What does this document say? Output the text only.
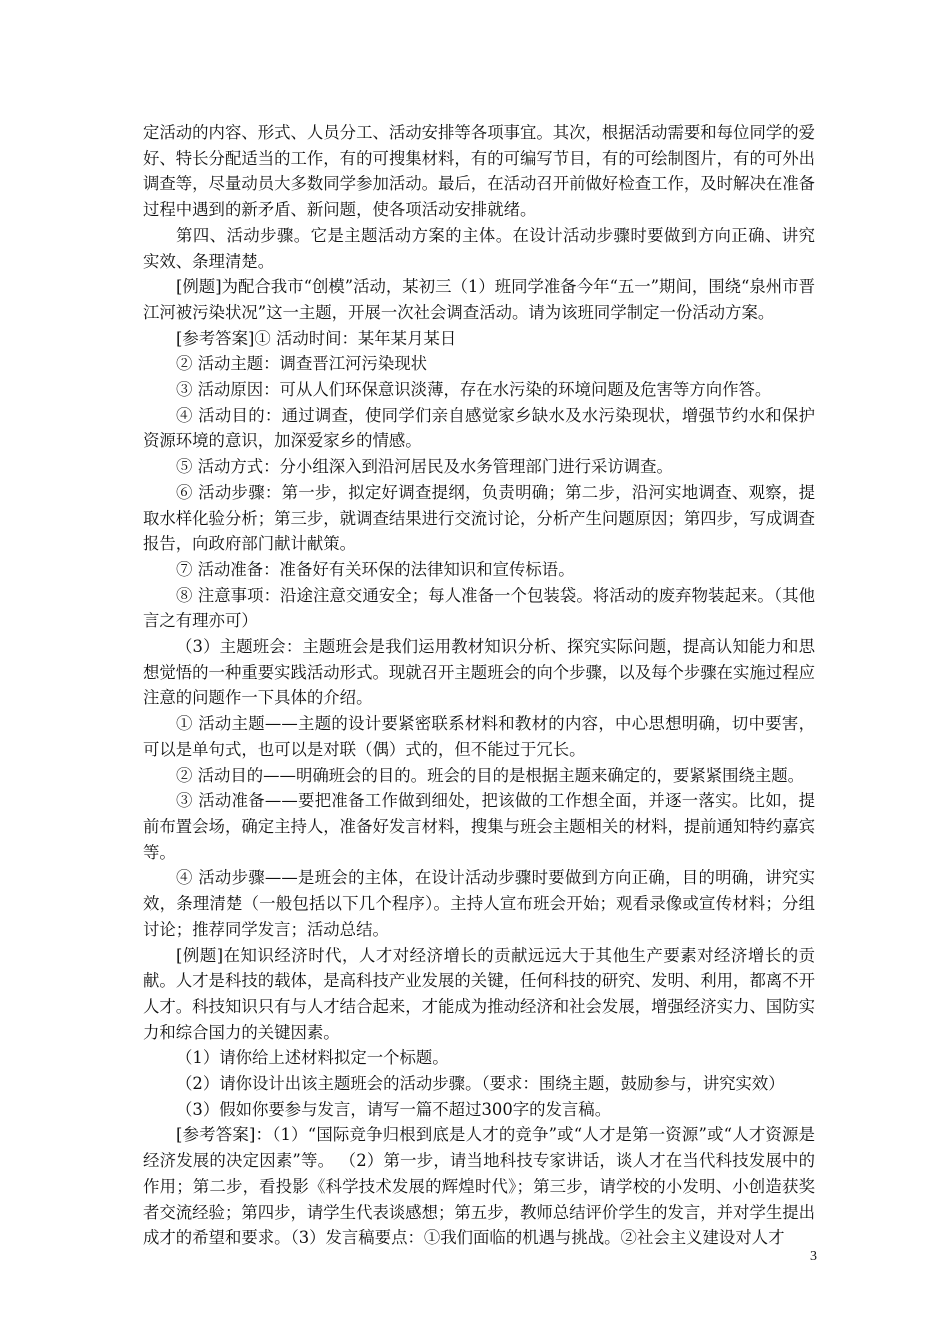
定活动的内容、形式、人员分工、活动安排等各项事宜。其次，根据活动需要和每位同学的爱好、特长分配适当的工作，有的可搜集材料，有的可编写节目，有的可绘制图片，有的可外出调查等，尽量动员大多数同学参加活动。最后，在活动召开前做好检查工作，及时解决在准备过程中遇到的新矛盾、新问题，使各项活动安排就绪。

第四、活动步骤。它是主题活动方案的主体。在设计活动步骤时要做到方向正确、讲究实效、条理清楚。

[例题]为配合我市“创模”活动，某初三（1）班同学准备今年“五一”期间，围绕“泉州市晋江河被污染状况”这一主题，开展一次社会调查活动。请为该班同学制定一份活动方案。

[参考答案]① 活动时间：某年某月某日

② 活动主题：调查晋江河污染现状

③ 活动原因：可从人们环保意识淡薄，存在水污染的环境问题及危害等方向作答。

④ 活动目的：通过调查，使同学们亲自感觉家乡缺水及水污染现状，增强节约水和保护资源环境的意识，加深爱家乡的情感。

⑤ 活动方式：分小组深入到沿河居民及水务管理部门进行采访调查。

⑥ 活动步骤：第一步，拟定好调查提纲，负责明确；第二步，沿河实地调查、观察，提取水样化验分析；第三步，就调查结果进行交流讨论，分析产生问题原因；第四步，写成调查报告，向政府部门献计献策。

⑦ 活动准备：准备好有关环保的法律知识和宣传标语。

⑧ 注意事项：沿途注意交通安全；每人准备一个包装袋。将活动的废弃物装起来。（其他言之有理亦可）

（3）主题班会：主题班会是我们运用教材知识分析、探究实际问题，提高认知能力和思想觉悟的一种重要实践活动形式。现就召开主题班会的向个步骤，以及每个步骤在实施过程应注意的问题作一下具体的介绍。

① 活动主题——主题的设计要紧密联系材料和教材的内容，中心思想明确，切中要害，可以是单句式，也可以是对联（偶）式的，但不能过于冗长。

② 活动目的——明确班会的目的。班会的目的是根据主题来确定的，要紧紧围绕主题。

③ 活动准备——要把准备工作做到细处，把该做的工作想全面，并逐一落实。比如，提前布置会场，确定主持人，准备好发言材料，搜集与班会主题相关的材料，提前通知特约嘉宾等。

④ 活动步骤——是班会的主体，在设计活动步骤时要做到方向正确，目的明确，讲究实效，条理清楚（一般包括以下几个程序）。主持人宣布班会开始；观看录像或宣传材料；分组讨论；推荐同学发言；活动总结。

[例题]在知识经济时代，人才对经济增长的贡献远远大于其他生产要素对经济增长的贡献。人才是科技的载体，是高科技产业发展的关键，任何科技的研究、发明、利用，都离不开人才。科技知识只有与人才结合起来，才能成为推动经济和社会发展，增强经济实力、国防实力和综合国力的关键因素。

（1）请你给上述材料拟定一个标题。

（2）请你设计出该主题班会的活动步骤。（要求：围绕主题，鼓励参与，讲究实效）

（3）假如你要参与发言，请写一篇不超过300字的发言稿。

[参考答案]：（1）“国际竞争归根到底是人才的竞争”或“人才是第一资源”或“人才资源是经济发展的决定因素”等。 （2）第一步，请当地科技专家讲话，谈人才在当代科技发展中的作用；第二步，看投影《科学技术发展的辉煌时代》；第三步，请学校的小发明、小创造获奖者交流经验；第四步，请学生代表谈感想；第五步，教师总结评价学生的发言，并对学生提出成才的希望和要求。（3）发言稿要点：①我们面临的机遇与挑战。②社会主义建设对人才

3
